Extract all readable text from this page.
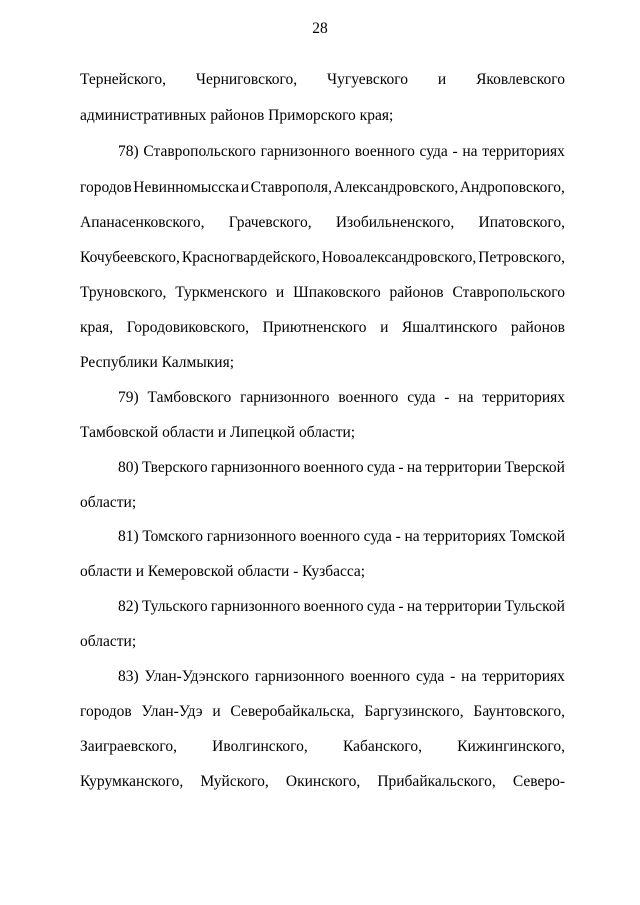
28
Тернейского, Черниговского, Чугуевского и Яковлевского
административных районов Приморского края;
78) Ставропольского гарнизонного военного суда - на территориях
городов Невинномысска и Ставрополя, Александровского, Андроповского,
Апанасенковского, Грачевского, Изобильненского, Ипатовского,
Кочубеевского, Красногвардейского, Новоалександровского, Петровского,
Труновского, Туркменского и Шпаковского районов Ставропольского
края, Городовиковского, Приютненского и Яшалтинского районов
Республики Калмыкия;
79) Тамбовского гарнизонного военного суда - на территориях
Тамбовской области и Липецкой области;
80) Тверского гарнизонного военного суда - на территории Тверской
области;
81) Томского гарнизонного военного суда - на территориях Томской
области и Кемеровской области - Кузбасса;
82) Тульского гарнизонного военного суда - на территории Тульской
области;
83) Улан-Удэнского гарнизонного военного суда - на территориях
городов Улан-Удэ и Северобайкальска, Баргузинского, Баунтовского,
Заиграевского, Иволгинского, Кабанского, Кижингинского,
Курумканского, Муйского, Окинского, Прибайкальского, Северо-
